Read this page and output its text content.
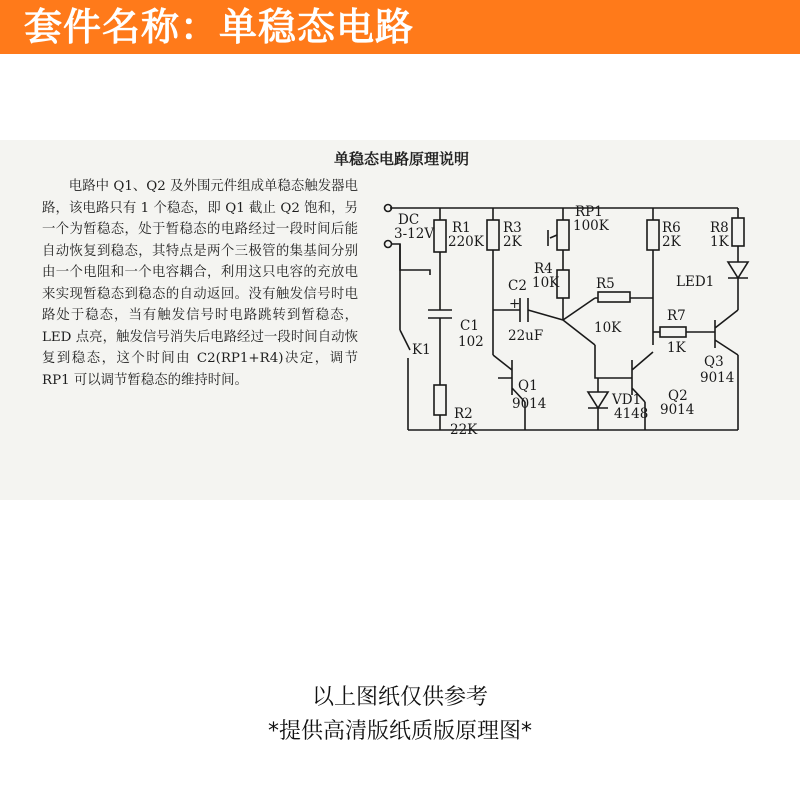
套件名称：单稳态电路
单稳态电路原理说明
电路中 Q1、Q2 及外围元件组成单稳态触发器电路，该电路只有 1 个稳态，即 Q1 截止 Q2 饱和，另一个为暂稳态，处于暂稳态的电路经过一段时间后能自动恢复到稳态，其特点是两个三极管的集基间分别由一个电阻和一个电容耦合，利用这只电容的充放电来实现暂稳态到稳态的自动返回。没有触发信号时电路处于稳态，当有触发信号时电路跳转到暂稳态，LED 点亮，触发信号消失后电路经过一段时间自动恢复到稳态，这个时间由 C2(RP1+R4)决定，调节 RP1 可以调节暂稳态的维持时间。
DC
3-12V R1
220K
R3
2K
RP1
100K
R4
10K
C2
+
22uF
R5
10K
R6
2K
R8
1K
LED1
R7
1K
C1
102
K1
Q1
9014	Q2
9014
Q3
9014
VD1
4148
R2
22K
以上图纸仅供参考
*提供高清版纸质版原理图*
